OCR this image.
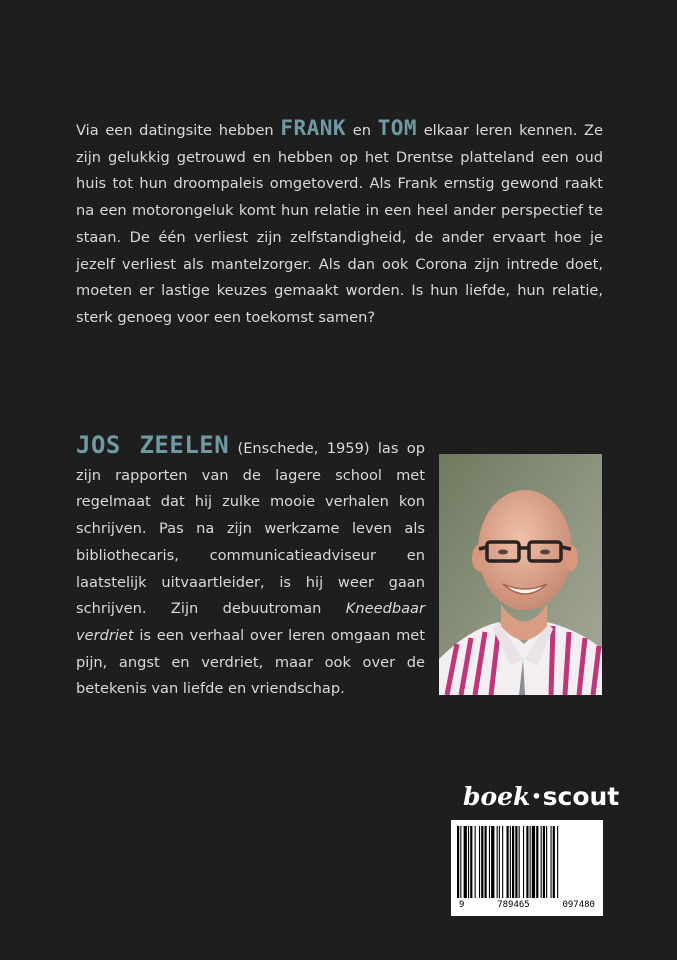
Via een datingsite hebben FRANK en TOM elkaar leren kennen. Ze zijn gelukkig getrouwd en hebben op het Drentse platteland een oud huis tot hun droompaleis omgetoverd. Als Frank ernstig gewond raakt na een motorongeluk komt hun relatie in een heel ander perspectief te staan. De één verliest zijn zelfstandigheid, de ander ervaart hoe je jezelf verliest als mantelzorger. Als dan ook Corona zijn intrede doet, moeten er lastige keuzes gemaakt worden. Is hun liefde, hun relatie, sterk genoeg voor een toekomst samen?

JOS ZEELEN (Enschede, 1959) las op zijn rapporten van de lagere school met regelmaat dat hij zulke mooie verhalen kon schrijven. Pas na zijn werkzame leven als bibliothecaris, communicatieadviseur en laatstelijk uitvaartleider, is hij weer gaan schrijven. Zijn debuutroman Kneedbaar verdriet is een verhaal over leren omgaan met pijn, angst en verdriet, maar ook over de betekenis van liefde en vriendschap.

boek•scout
9	789465	097480
